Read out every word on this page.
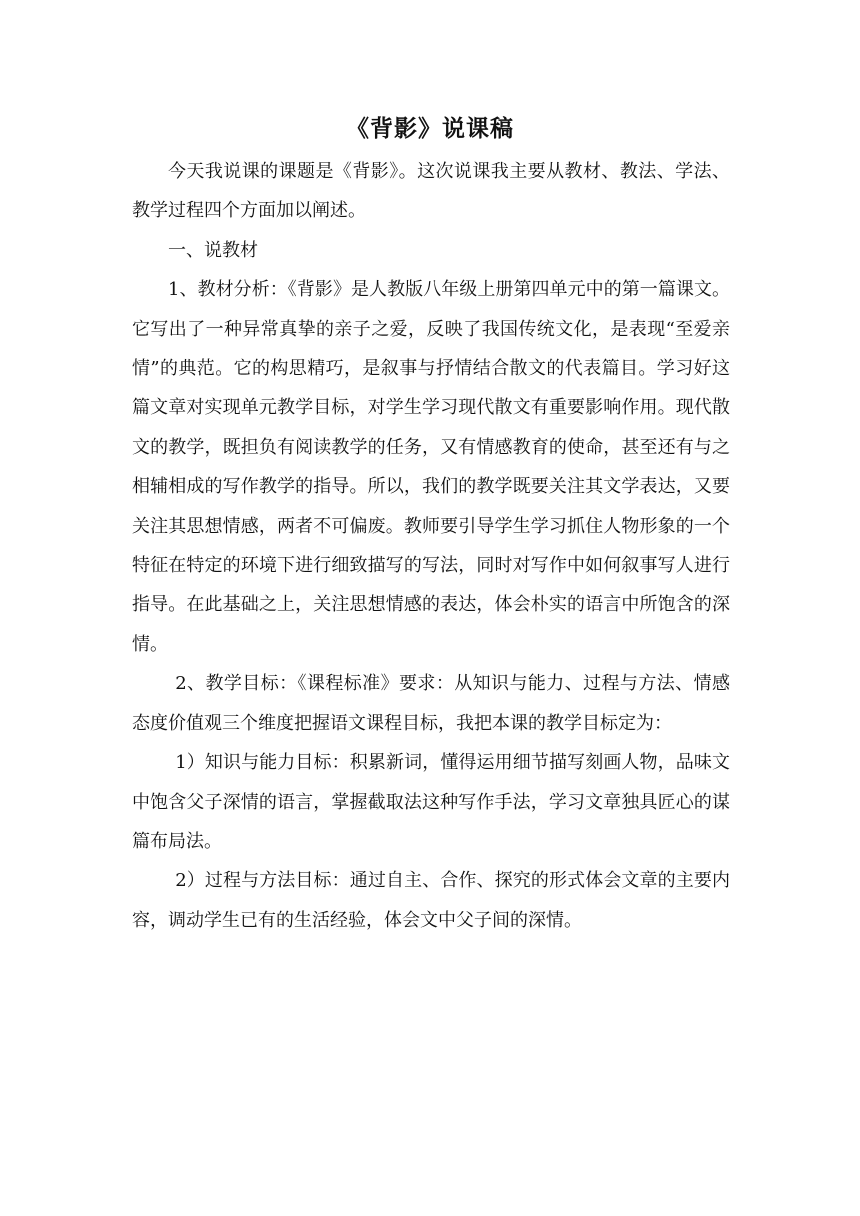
《背影》说课稿

今天我说课的课题是《背影》。这次说课我主要从教材、教法、学法、教学过程四个方面加以阐述。

一、说教材

1、教材分析：《背影》是人教版八年级上册第四单元中的第一篇课文。它写出了一种异常真挚的亲子之爱，反映了我国传统文化，是表现“至爱亲情”的典范。它的构思精巧，是叙事与抒情结合散文的代表篇目。学习好这篇文章对实现单元教学目标，对学生学习现代散文有重要影响作用。现代散文的教学，既担负有阅读教学的任务，又有情感教育的使命，甚至还有与之相辅相成的写作教学的指导。所以，我们的教学既要关注其文学表达，又要关注其思想情感，两者不可偏废。教师要引导学生学习抓住人物形象的一个特征在特定的环境下进行细致描写的写法，同时对写作中如何叙事写人进行指导。在此基础之上，关注思想情感的表达，体会朴实的语言中所饱含的深情。

2、教学目标：《课程标准》要求：从知识与能力、过程与方法、情感态度价值观三个维度把握语文课程目标，我把本课的教学目标定为：

1）知识与能力目标：积累新词，懂得运用细节描写刻画人物，品味文中饱含父子深情的语言，掌握截取法这种写作手法，学习文章独具匠心的谋篇布局法。

2）过程与方法目标：通过自主、合作、探究的形式体会文章的主要内容，调动学生已有的生活经验，体会文中父子间的深情。
